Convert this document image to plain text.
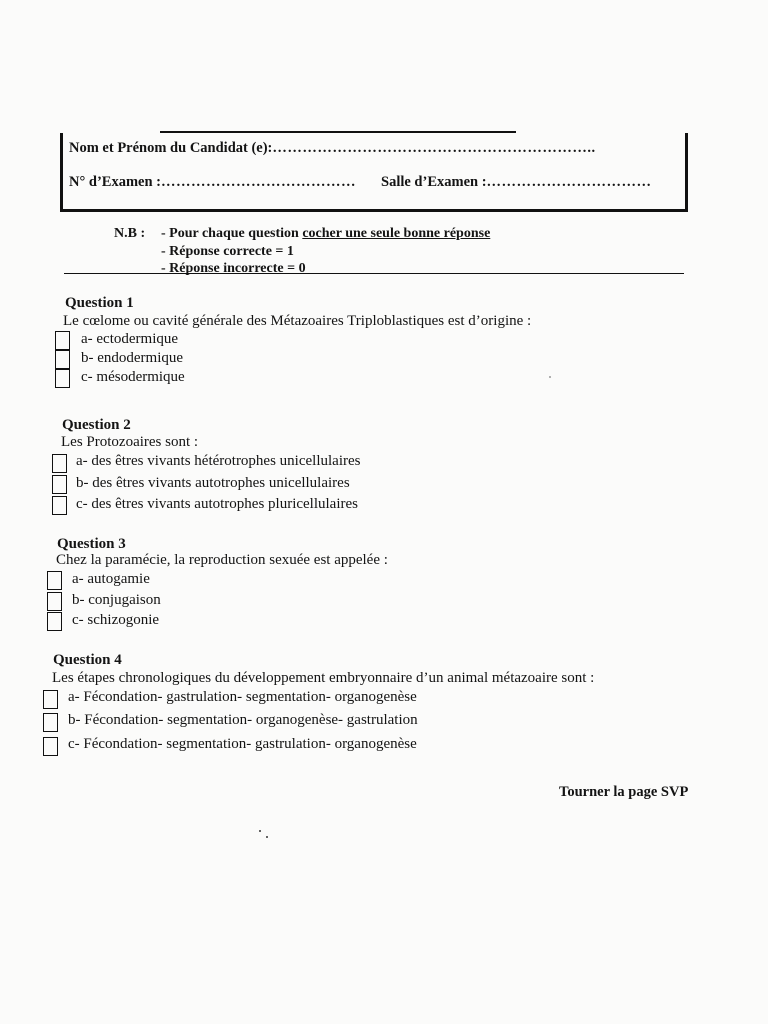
Nom et Prénom du Candidat (e):………………………………………………………..
N° d’Examen :………………………………… Salle d’Examen :……………………………
N.B : - Pour chaque question cocher une seule bonne réponse
- Réponse correcte = 1
- Réponse incorrecte = 0
Question 1
Le cœlome ou cavité générale des Métazoaires Triploblastiques est d’origine :
a- ectodermique
b- endodermique
c- mésodermique
Question 2
Les Protozoaires sont :
a- des êtres vivants hétérotrophes unicellulaires
b- des êtres vivants autotrophes unicellulaires
c- des êtres vivants autotrophes pluricellulaires
Question 3
Chez la paramécie, la reproduction sexuée est appelée :
a- autogamie
b- conjugaison
c- schizogonie
Question 4
Les étapes chronologiques du développement embryonnaire d’un animal métazoaire sont :
a- Fécondation- gastrulation- segmentation- organogenèse
b- Fécondation- segmentation- organogenèse- gastrulation
c- Fécondation- segmentation- gastrulation- organogenèse
Tourner la page SVP
